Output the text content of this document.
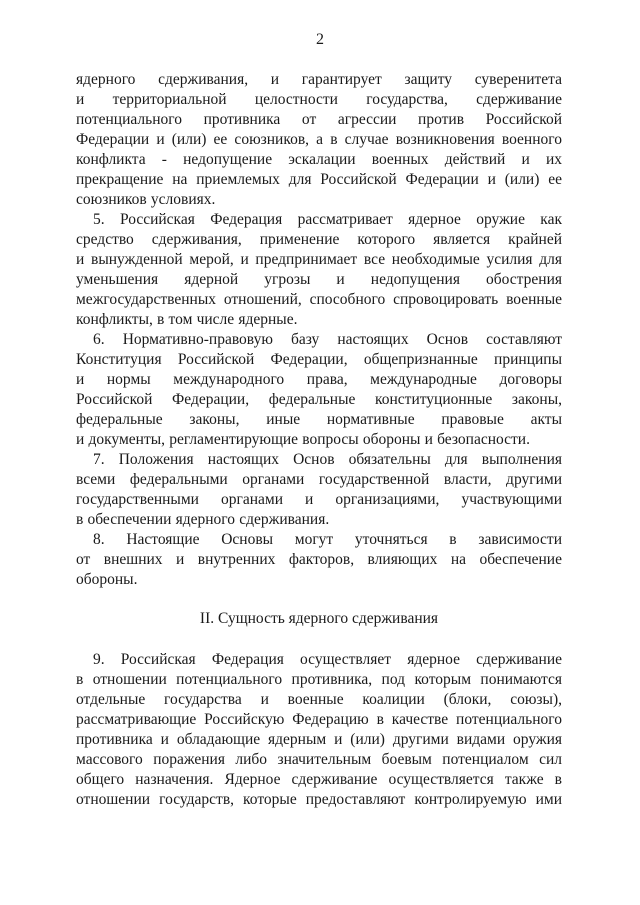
2
ядерного сдерживания, и гарантирует защиту суверенитета
и территориальной целостности государства, сдерживание
потенциального противника от агрессии против Российской
Федерации и (или) ее союзников, а в случае возникновения военного
конфликта - недопущение эскалации военных действий и их
прекращение на приемлемых для Российской Федерации и (или) ее
союзников условиях.
5. Российская Федерация рассматривает ядерное оружие как
средство сдерживания, применение которого является крайней
и вынужденной мерой, и предпринимает все необходимые усилия для
уменьшения ядерной угрозы и недопущения обострения
межгосударственных отношений, способного спровоцировать военные
конфликты, в том числе ядерные.
6. Нормативно-правовую базу настоящих Основ составляют
Конституция Российской Федерации, общепризнанные принципы
и нормы международного права, международные договоры
Российской Федерации, федеральные конституционные законы,
федеральные законы, иные нормативные правовые акты
и документы, регламентирующие вопросы обороны и безопасности.
7. Положения настоящих Основ обязательны для выполнения
всеми федеральными органами государственной власти, другими
государственными органами и организациями, участвующими
в обеспечении ядерного сдерживания.
8. Настоящие Основы могут уточняться в зависимости
от внешних и внутренних факторов, влияющих на обеспечение
обороны.
II. Сущность ядерного сдерживания
9. Российская Федерация осуществляет ядерное сдерживание
в отношении потенциального противника, под которым понимаются
отдельные государства и военные коалиции (блоки, союзы),
рассматривающие Российскую Федерацию в качестве потенциального
противника и обладающие ядерным и (или) другими видами оружия
массового поражения либо значительным боевым потенциалом сил
общего назначения. Ядерное сдерживание осуществляется также в
отношении государств, которые предоставляют контролируемую ими
